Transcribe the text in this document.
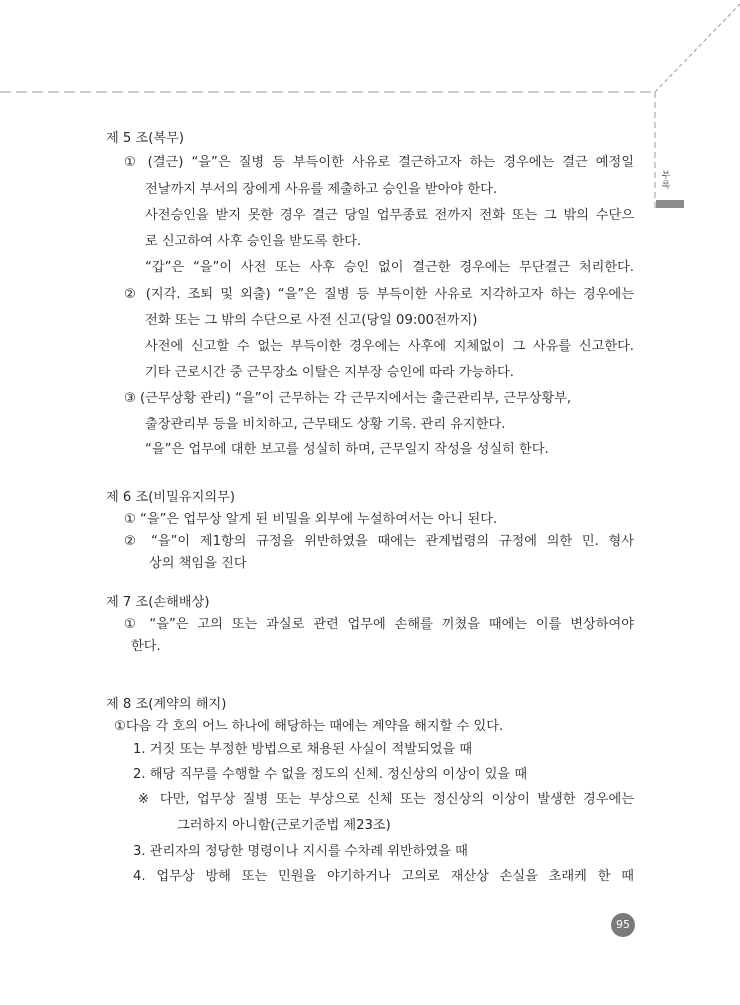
부록
제 5 조(복무)
① (결근) “을”은 질병 등 부득이한 사유로 결근하고자 하는 경우에는 결근 예정일
전날까지 부서의 장에게 사유를 제출하고 승인을 받아야 한다.
사전승인을 받지 못한 경우 결근 당일 업무종료 전까지 전화 또는 그 밖의 수단으
로 신고하여 사후 승인을 받도록 한다.
“갑”은 “을”이 사전 또는 사후 승인 없이 결근한 경우에는 무단결근 처리한다.
② (지각. 조퇴 및 외출) “을”은 질병 등 부득이한 사유로 지각하고자 하는 경우에는
전화 또는 그 밖의 수단으로 사전 신고(당일 09:00전까지)
사전에 신고할 수 없는 부득이한 경우에는 사후에 지체없이 그 사유를 신고한다.
기타 근로시간 중 근무장소 이탈은 지부장 승인에 따라 가능하다.
③ (근무상황 관리) “을”이 근무하는 각 근무지에서는 출근관리부, 근무상황부,
출장관리부 등을 비치하고, 근무태도 상황 기록. 관리 유지한다.
“을”은 업무에 대한 보고를 성실히 하며, 근무일지 작성을 성실히 한다.
제 6 조(비밀유지의무)
① “을”은 업무상 알게 된 비밀을 외부에 누설하여서는 아니 된다.
② “을”이 제1항의 규정을 위반하였을 때에는 관계법령의 규정에 의한 민. 형사
상의 책임을 진다
제 7 조(손해배상)
① “을”은 고의 또는 과실로 관련 업무에 손해를 끼쳤을 때에는 이를 변상하여야
한다.
제 8 조(계약의 해지)
①다음 각 호의 어느 하나에 해당하는 때에는 계약을 해지할 수 있다.
1. 거짓 또는 부정한 방법으로 채용된 사실이 적발되었을 때
2. 해당 직무를 수행할 수 없을 정도의 신체. 정신상의 이상이 있을 때
※ 다만, 업무상 질병 또는 부상으로 신체 또는 정신상의 이상이 발생한 경우에는
그러하지 아니함(근로기준법 제23조)
3. 관리자의 정당한 명령이나 지시를 수차례 위반하였을 때
4. 업무상 방해 또는 민원을 야기하거나 고의로 재산상 손실을 초래케 한 때
95
